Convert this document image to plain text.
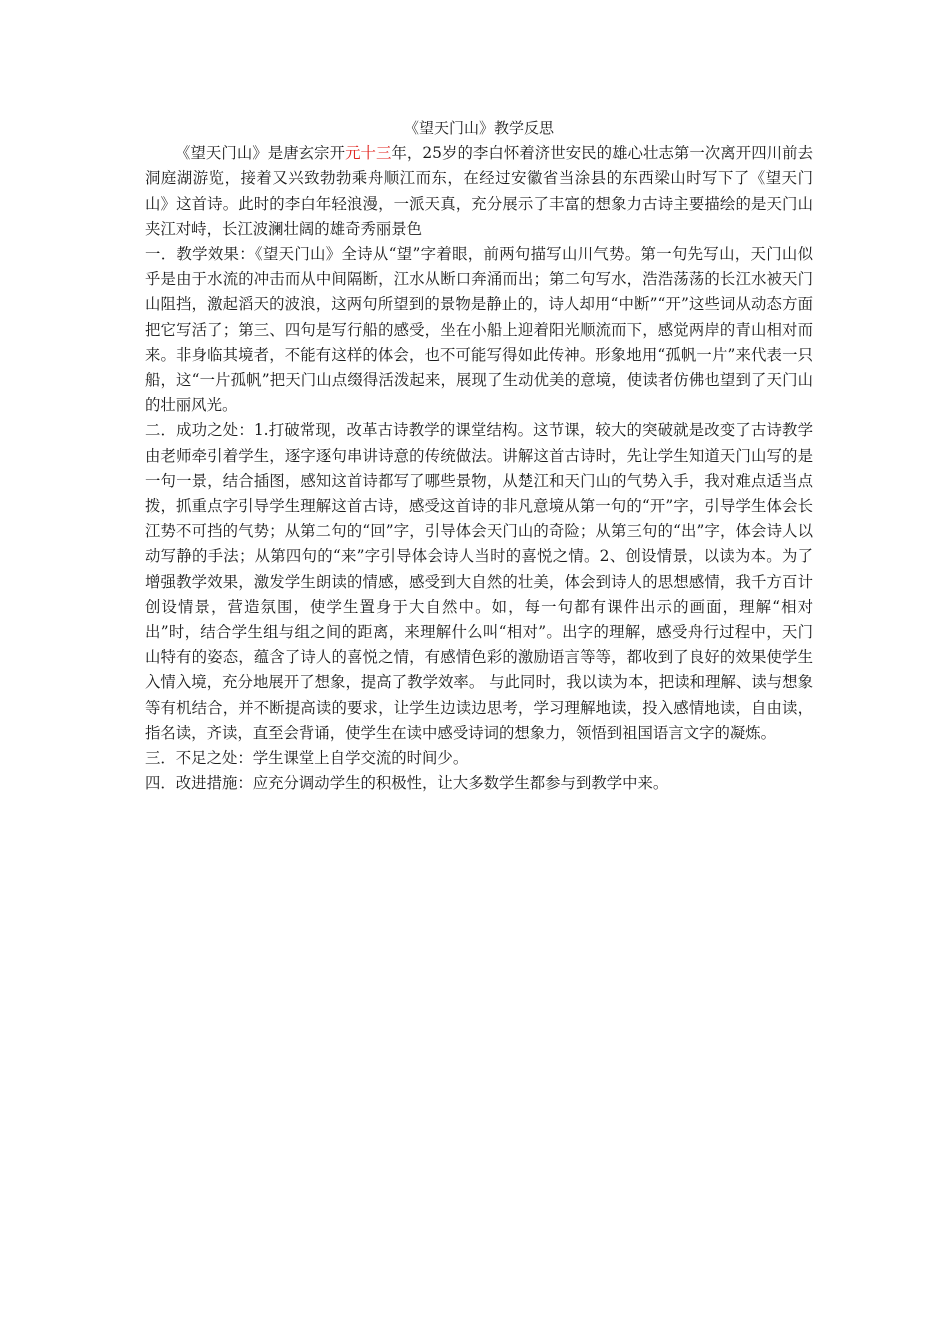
《望天门山》教学反思

《望天门山》是唐玄宗开元十三年，25岁的李白怀着济世安民的雄心壮志第一次离开四川前去洞庭湖游览，接着又兴致勃勃乘舟顺江而东，在经过安徽省当涂县的东西梁山时写下了《望天门山》这首诗。此时的李白年轻浪漫，一派天真，充分展示了丰富的想象力古诗主要描绘的是天门山夹江对峙，长江波澜壮阔的雄奇秀丽景色

一．教学效果：《望天门山》全诗从“望”字着眼，前两句描写山川气势。第一句先写山，天门山似乎是由于水流的冲击而从中间隔断，江水从断口奔涌而出；第二句写水，浩浩荡荡的长江水被天门山阻挡，激起滔天的波浪，这两句所望到的景物是静止的，诗人却用“中断”“开”这些词从动态方面把它写活了；第三、四句是写行船的感受，坐在小船上迎着阳光顺流而下，感觉两岸的青山相对而来。非身临其境者，不能有这样的体会，也不可能写得如此传神。形象地用“孤帆一片”来代表一只船，这“一片孤帆”把天门山点缀得活泼起来，展现了生动优美的意境，使读者仿佛也望到了天门山的壮丽风光。

二．成功之处：1.打破常现，改革古诗教学的课堂结构。这节课，较大的突破就是改变了古诗教学由老师牵引着学生，逐字逐句串讲诗意的传统做法。讲解这首古诗时，先让学生知道天门山写的是一句一景，结合插图，感知这首诗都写了哪些景物，从楚江和天门山的气势入手，我对难点适当点拨，抓重点字引导学生理解这首古诗，感受这首诗的非凡意境从第一句的“开”字，引导学生体会长江势不可挡的气势；从第二句的“回”字，引导体会天门山的奇险；从第三句的“出”字，体会诗人以动写静的手法；从第四句的“来”字引导体会诗人当时的喜悦之情。2、创设情景，以读为本。为了增强教学效果，激发学生朗读的情感，感受到大自然的壮美，体会到诗人的思想感情，我千方百计创设情景，营造氛围，使学生置身于大自然中。如，每一句都有课件出示的画面，理解“相对出”时，结合学生组与组之间的距离，来理解什么叫“相对”。出字的理解，感受舟行过程中，天门山特有的姿态，蕴含了诗人的喜悦之情，有感情色彩的激励语言等等，都收到了良好的效果使学生入情入境，充分地展开了想象，提高了教学效率。 与此同时，我以读为本，把读和理解、读与想象等有机结合，并不断提高读的要求，让学生边读边思考，学习理解地读，投入感情地读，自由读，指名读，齐读，直至会背诵，使学生在读中感受诗词的想象力，领悟到祖国语言文字的凝炼。

三．不足之处：学生课堂上自学交流的时间少。

四．改进措施：应充分调动学生的积极性，让大多数学生都参与到教学中来。
